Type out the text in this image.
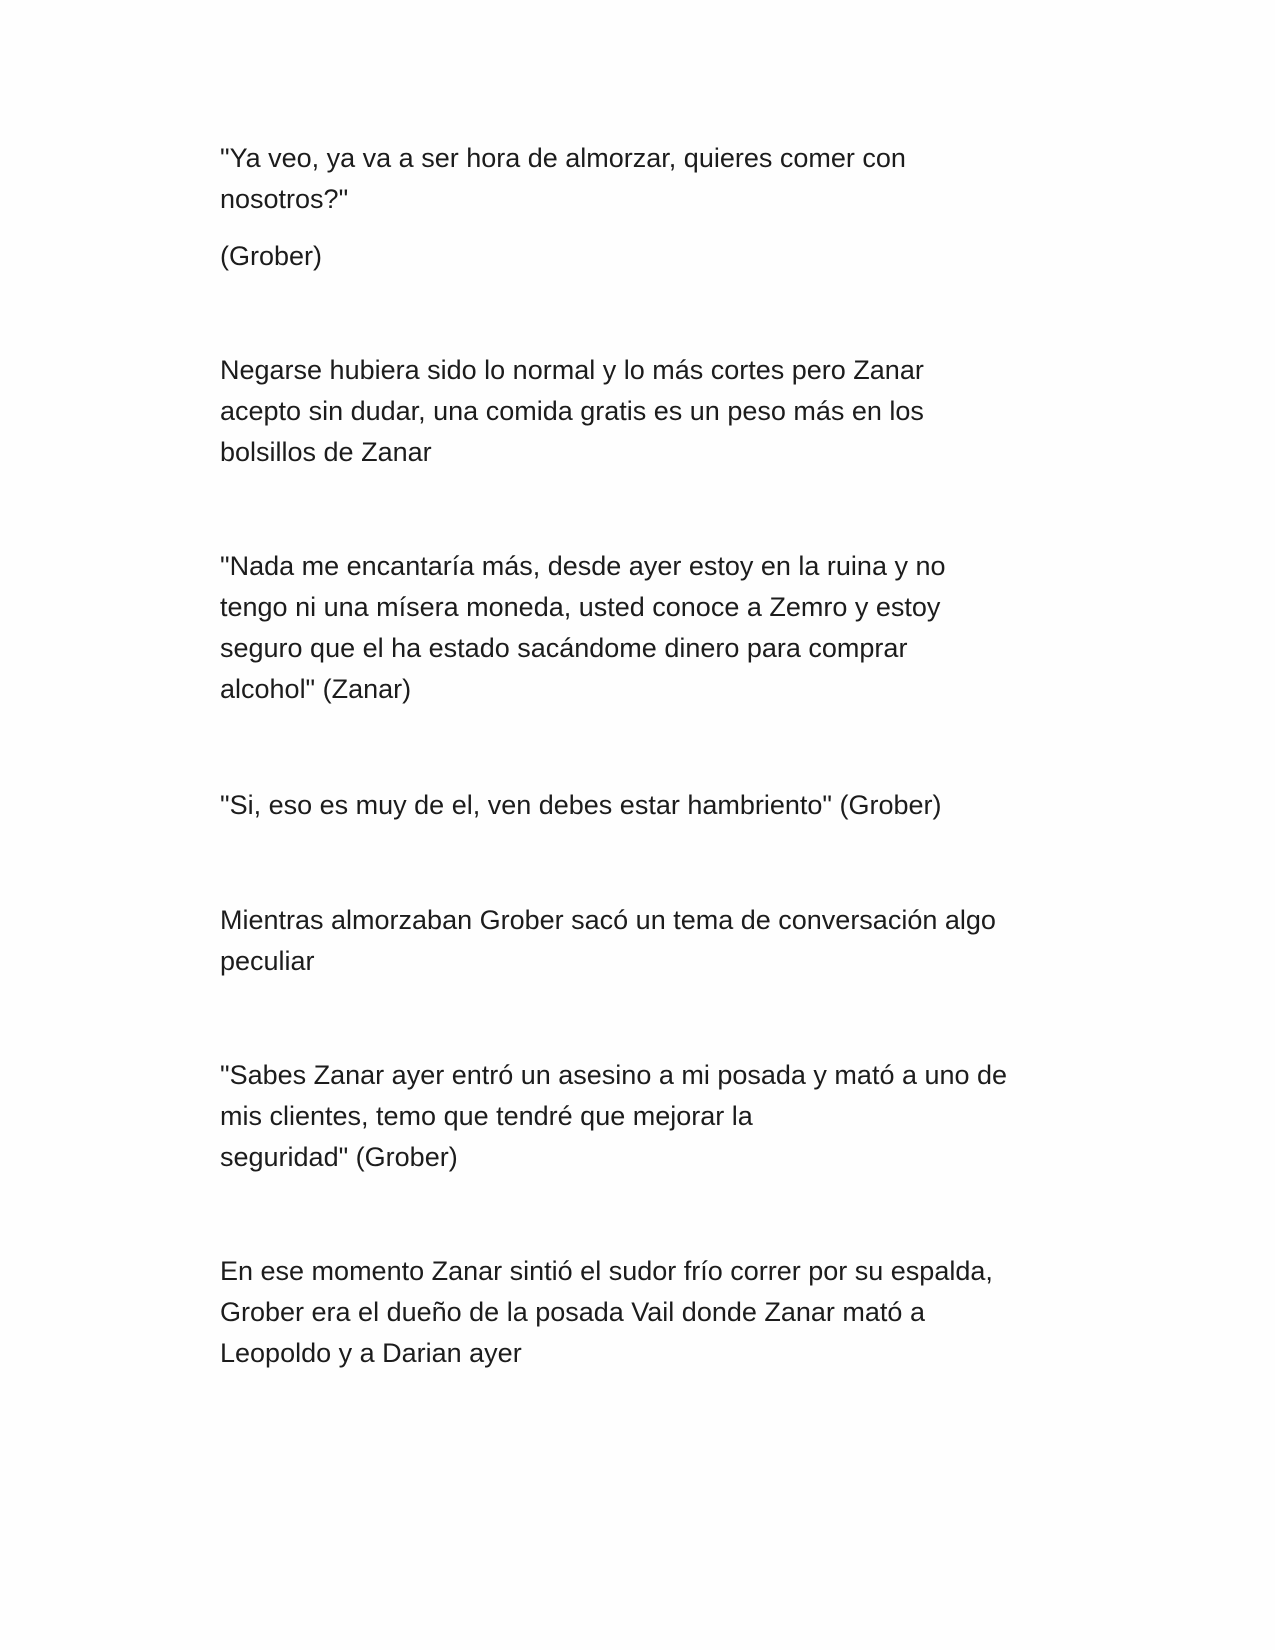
"Ya veo, ya va a ser hora de almorzar, quieres comer con
nosotros?"

(Grober)

Negarse hubiera sido lo normal y lo más cortes pero Zanar
acepto sin dudar, una comida gratis es un peso más en los
bolsillos de Zanar

"Nada me encantaría más, desde ayer estoy en la ruina y no
tengo ni una mísera moneda, usted conoce a Zemro y estoy
seguro que el ha estado sacándome dinero para comprar
alcohol" (Zanar)

"Si, eso es muy de el, ven debes estar hambriento" (Grober)

Mientras almorzaban Grober sacó un tema de conversación algo
peculiar

"Sabes Zanar ayer entró un asesino a mi posada y mató a uno de
mis clientes, temo que tendré que mejorar la
seguridad" (Grober)

En ese momento Zanar sintió el sudor frío correr por su espalda,
Grober era el dueño de la posada Vail donde Zanar mató a
Leopoldo y a Darian ayer
